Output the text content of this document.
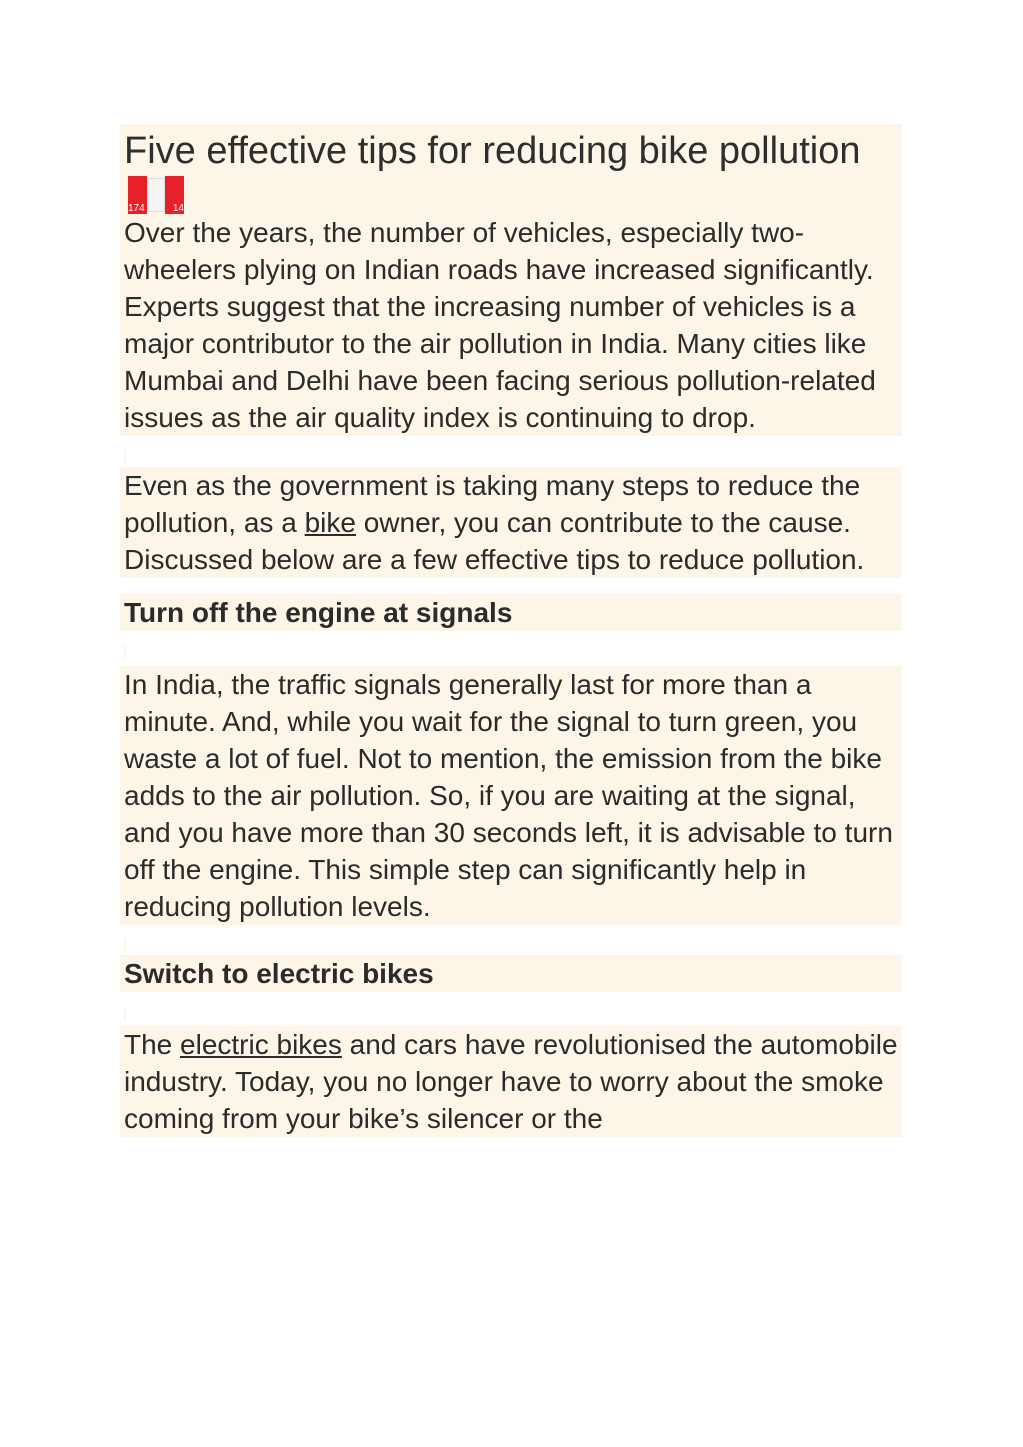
Five effective tips for reducing bike pollution
174	14

Over the years, the number of vehicles, especially two-wheelers plying on Indian roads have increased significantly. Experts suggest that the increasing number of vehicles is a major contributor to the air pollution in India. Many cities like Mumbai and Delhi have been facing serious pollution-related issues as the air quality index is continuing to drop.

Even as the government is taking many steps to reduce the pollution, as a bike owner, you can contribute to the cause. Discussed below are a few effective tips to reduce pollution.

Turn off the engine at signals

In India, the traffic signals generally last for more than a minute. And, while you wait for the signal to turn green, you waste a lot of fuel. Not to mention, the emission from the bike adds to the air pollution. So, if you are waiting at the signal, and you have more than 30 seconds left, it is advisable to turn off the engine. This simple step can significantly help in reducing pollution levels.

Switch to electric bikes

The electric bikes and cars have revolutionised the automobile industry. Today, you no longer have to worry about the smoke coming from your bike’s silencer or the
